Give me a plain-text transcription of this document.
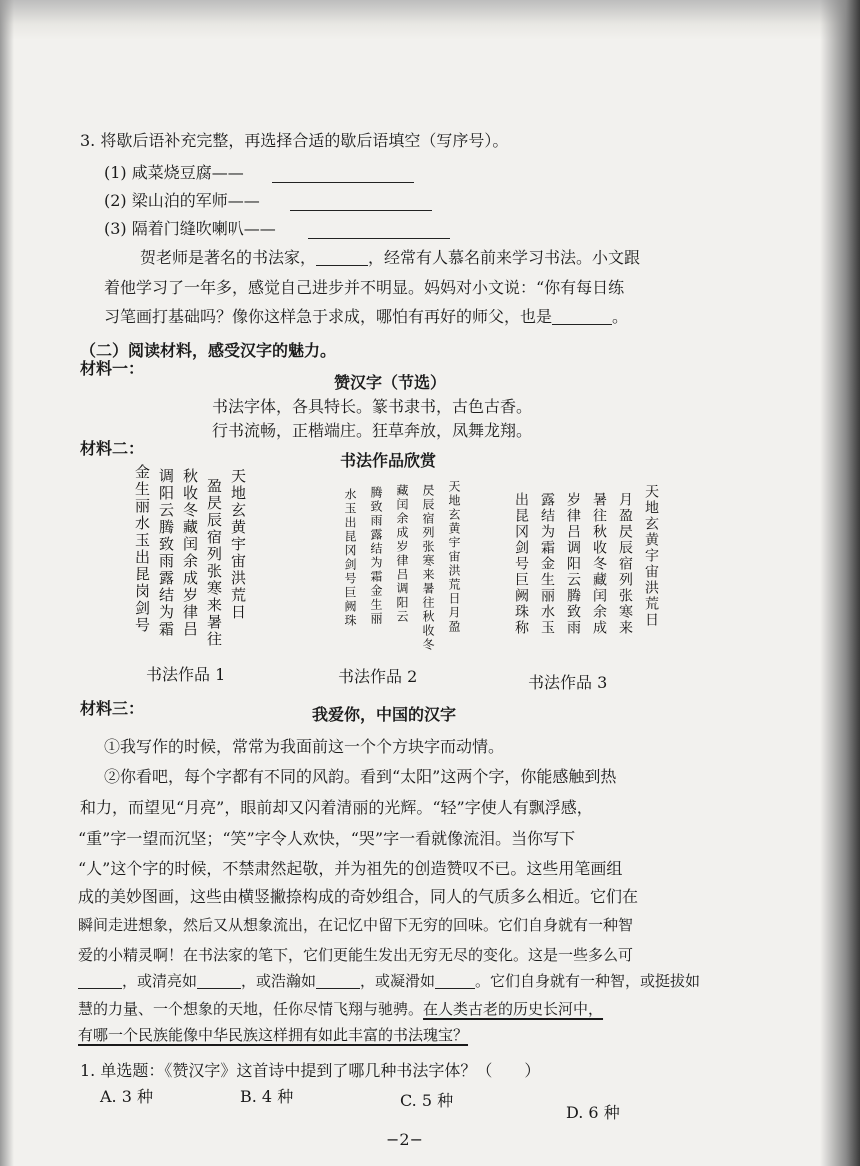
3. 将歇后语补充完整，再选择合适的歇后语填空（写序号）。
(1) 咸菜烧豆腐——
(2) 梁山泊的军师——
(3) 隔着门缝吹喇叭——
贺老师是著名的书法家，	，经常有人慕名前来学习书法。小文跟
着他学习了一年多，感觉自己进步并不明显。妈妈对小文说：“你有每日练
习笔画打基础吗？像你这样急于求成，哪怕有再好的师父，也是	。
（二）阅读材料，感受汉字的魅力。
材料一：
赞汉字（节选）
书法字体，各具特长。篆书隶书，古色古香。
行书流畅，正楷端庄。狂草奔放，凤舞龙翔。
材料二：
书法作品欣赏
天地玄黄宇宙洪荒日
盈昃辰宿列张寒来暑往
秋收冬藏闰余成岁律吕
调阳云腾致雨露结为霜
金生丽水玉出昆岗剑号
书法作品 1
天地玄黄宇宙洪荒日月盈
昃辰宿列张寒来暑往秋收冬
藏闰余成岁律吕调阳云
腾致雨露结为霜金生丽
水玉出昆冈剑号巨阙珠
书法作品 2
天地玄黄宇宙洪荒日
月盈昃辰宿列张寒来
暑往秋收冬藏闰余成
岁律吕调阳云腾致雨
露结为霜金生丽水玉
出昆冈剑号巨阙珠称
书法作品 3
材料三：	我爱你，中国的汉字
①我写作的时候，常常为我面前这一个个方块字而动情。
②你看吧，每个字都有不同的风韵。看到“太阳”这两个字，你能感触到热
和力，而望见“月亮”，眼前却又闪着清丽的光辉。“轻”字使人有飘浮感，
“重”字一望而沉坚；“笑”字令人欢快，“哭”字一看就像流泪。当你写下
“人”这个字的时候，不禁肃然起敬，并为祖先的创造赞叹不已。这些用笔画组
成的美妙图画，这些由横竖撇捺构成的奇妙组合，同人的气质多么相近。它们在
瞬间走进想象，然后又从想象流出，在记忆中留下无穷的回味。它们自身就有一种智
爱的小精灵啊！在书法家的笔下，它们更能生发出无穷无尽的变化。这是一些多么可
，或清亮如	，或浩瀚如	，或凝滑如	。它们自身就有一种智，或挺拔如
慧的力量、一个想象的天地，任你尽情飞翔与驰骋。在人类古老的历史长河中，
有哪一个民族能像中华民族这样拥有如此丰富的书法瑰宝？
1. 单选题：《赞汉字》这首诗中提到了哪几种书法字体？（　　）
A. 3 种	B. 4 种	C. 5 种
D. 6 种
−2−
